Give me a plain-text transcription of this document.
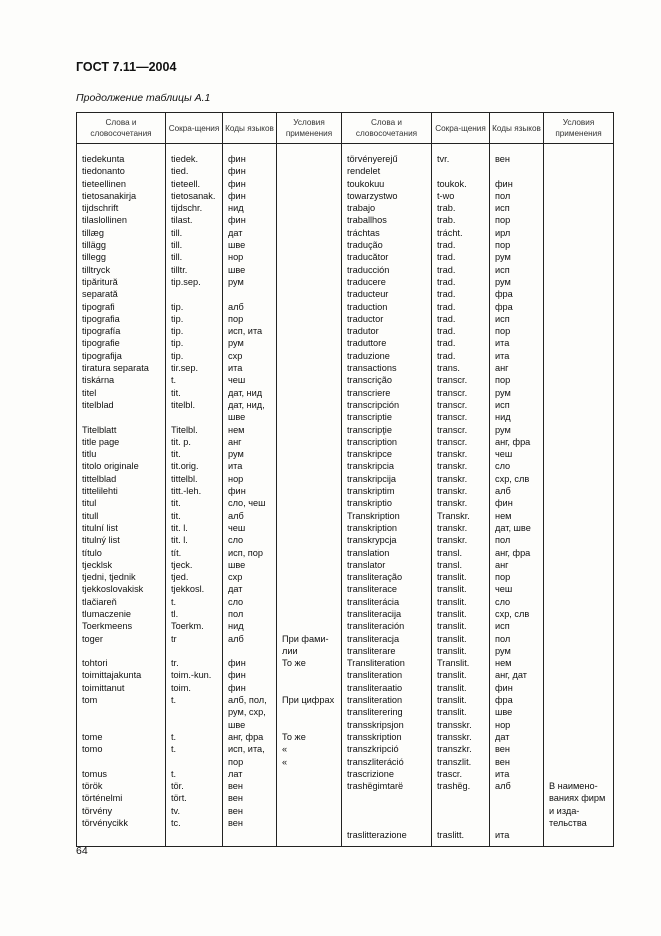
ГОСТ 7.11—2004
Продолжение таблицы А.1
Слова и словосочетания	Сокра-щения	Коды языков	Условия применения	Слова и словосочетания	Сокра-щения	Коды языков	Условия применения

tiedekunta	tiedek.	фин		törvényerejű	tvr.	вен	
tiedonanto	tied.	фин		rendelet			
tieteellinen	tieteell.	фин		toukokuu	toukok.	фин	
tietosanakirja	tietosanak.	фин		towarzystwo	t-wo	пол	
tijdschrift	tijdschr.	нид		trabajo	trab.	исп	
tilaslollinen	tilast.	фин		traballhos	trab.	пор	
tillæg	till.	дат		tráchtas	trácht.	ирл	
tillägg	till.	шве		tradução	trad.	пор	
tillegg	till.	нор		traducător	trad.	рум	
tilltryck	tilltr.	шве		traducción	trad.	исп	
tipăritură	tip.sep.	рум		traducere	trad.	рум	
separată				traducteur	trad.	фра	
tipografi	tip.	алб		traduction	trad.	фра	
tipografia	tip.	пор		traductor	trad.	исп	
tipografía	tip.	исп, ита		tradutor	trad.	пор	
tipografie	tip.	рум		traduttore	trad.	ита	
tipografija	tip.	схр		traduzione	trad.	ита	
tiratura separata	tir.sep.	ита		transactions	trans.	анг	
tiskárna	t.	чеш		transcrição	transcr.	пор	
titel	tit.	дат, нид		transcriere	transcr.	рум	
titelblad	titelbl.	дат, нид,		transcripción	transcr.	исп	
		шве		transcriptie	transcr.	нид	
Titelblatt	Titelbl.	нем		transcripţie	transcr.	рум	
title page	tit. p.	анг		transcription	transcr.	анг, фра	
titlu	tit.	рум		transkripce	transkr.	чеш	
titolo originale	tit.orig.	ита		transkripcia	transkr.	сло	
tittelblad	tittelbl.	нор		transkripcija	transkr.	схр, слв	
tittelilehti	titt.-leh.	фин		transkriptim	transkr.	алб	
titul	tit.	сло, чеш		transkriptio	transkr.	фин	
titull	tit.	алб		Transkription	Transkr.	нем	
titulní list	tit. l.	чеш		transkription	transkr.	дат, шве	
titulný list	tit. l.	сло		transkrypcja	transkr.	пол	
título	tít.	исп, пор		translation	transl.	анг, фра	
tjecklsk	tjeck.	шве		translator	transl.	анг	
tjedni, tjednik	tjed.	схр		transliteração	translit.	пор	
tjekkoslovakisk	tjekkosl.	дат		transliterace	translit.	чеш	
tlačiareň	t.	сло		transliterácia	translit.	сло	
tlumaczenie	tl.	пол		transliteracija	translit.	схр, слв	
Toerkmeens	Toerkm.	нид		transliteración	translit.	исп	
toger	tr	алб	При фами-	transliteracja	translit.	пол	
			лии	transliterare	translit.	рум	
tohtori	tr.	фин	То же	Transliteration	Translit.	нем	
toimittajakunta	toim.-kun.	фин		transliteration	translit.	анг, дат	
toimittanut	toim.	фин		transliteraatio	translit.	фин	
tom	t.	алб, пол,	При цифрах	transliteration	translit.	фра	
		рум, схр,		transliterering	translit.	шве	
		шве		transskripsjon	transskr.	нор	
tome	t.	анг, фра	То же	transskription	transskr.	дат	
tomo	t.	исп, ита,	«	transzkripció	transzkr.	вен	
		пор	«	transzliteráció	transzlit.	вен	
tomus	t.	лат		trascrizione	trascr.	ита	
török	tör.	вен		trashëgimtarë	trashëg.	алб	В наимено-
történelmi	tört.	вен					ваниях фирм
törvény	tv.	вен					и изда-
törvénycikk	tc.	вен					тельства
				traslitterazione	traslitt.	ита	

64
